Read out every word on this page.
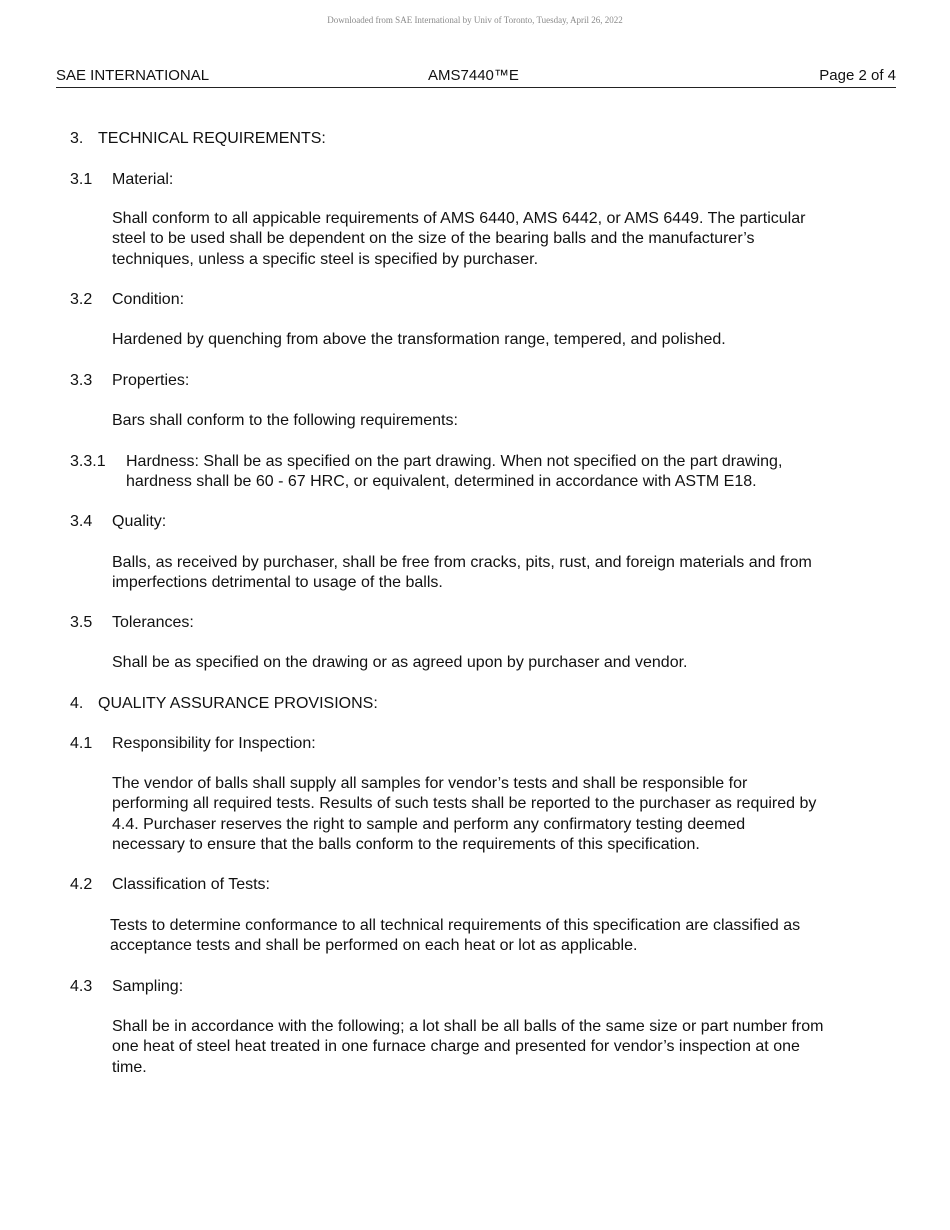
Downloaded from SAE International by Univ of Toronto, Tuesday, April 26, 2022
SAE INTERNATIONAL	AMS7440™E	Page 2 of 4
3. TECHNICAL REQUIREMENTS:
3.1 Material:
Shall conform to all appicable requirements of AMS 6440, AMS 6442, or AMS 6449. The particular
steel to be used shall be dependent on the size of the bearing balls and the manufacturer’s
techniques, unless a specific steel is specified by purchaser.
3.2 Condition:
Hardened by quenching from above the transformation range, tempered, and polished.
3.3 Properties:
Bars shall conform to the following requirements:
3.3.1 Hardness: Shall be as specified on the part drawing. When not specified on the part drawing,
hardness shall be 60 - 67 HRC, or equivalent, determined in accordance with ASTM E18.
3.4 Quality:
Balls, as received by purchaser, shall be free from cracks, pits, rust, and foreign materials and from
imperfections detrimental to usage of the balls.
3.5 Tolerances:
Shall be as specified on the drawing or as agreed upon by purchaser and vendor.
4. QUALITY ASSURANCE PROVISIONS:
4.1 Responsibility for Inspection:
The vendor of balls shall supply all samples for vendor’s tests and shall be responsible for
performing all required tests. Results of such tests shall be reported to the purchaser as required by
4.4. Purchaser reserves the right to sample and perform any confirmatory testing deemed
necessary to ensure that the balls conform to the requirements of this specification.
4.2 Classification of Tests:
Tests to determine conformance to all technical requirements of this specification are classified as
acceptance tests and shall be performed on each heat or lot as applicable.
4.3 Sampling:
Shall be in accordance with the following; a lot shall be all balls of the same size or part number from
one heat of steel heat treated in one furnace charge and presented for vendor’s inspection at one
time.
